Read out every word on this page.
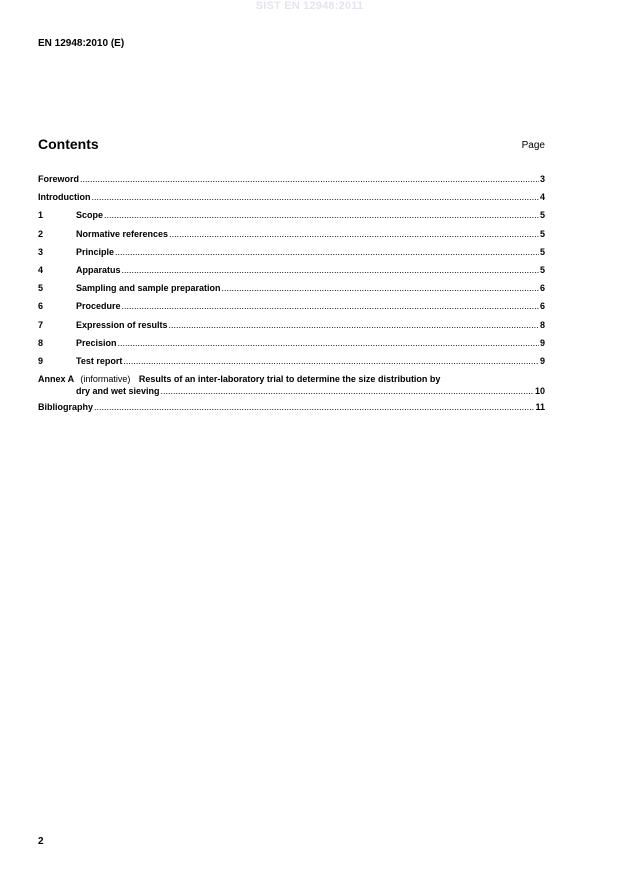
SIST EN 12948:2011
EN 12948:2010 (E)
Contents	Page
Foreword .....	3
Introduction .....	4
1	Scope .....	5
2	Normative references .....	5
3	Principle .....	5
4	Apparatus .....	5
5	Sampling and sample preparation .....	6
6	Procedure .....	6
7	Expression of results .....	8
8	Precision .....	9
9	Test report .....	9
Annex A (informative) Results of an inter-laboratory trial to determine the size distribution by
dry and wet sieving .....	10
Bibliography .....	11
2
